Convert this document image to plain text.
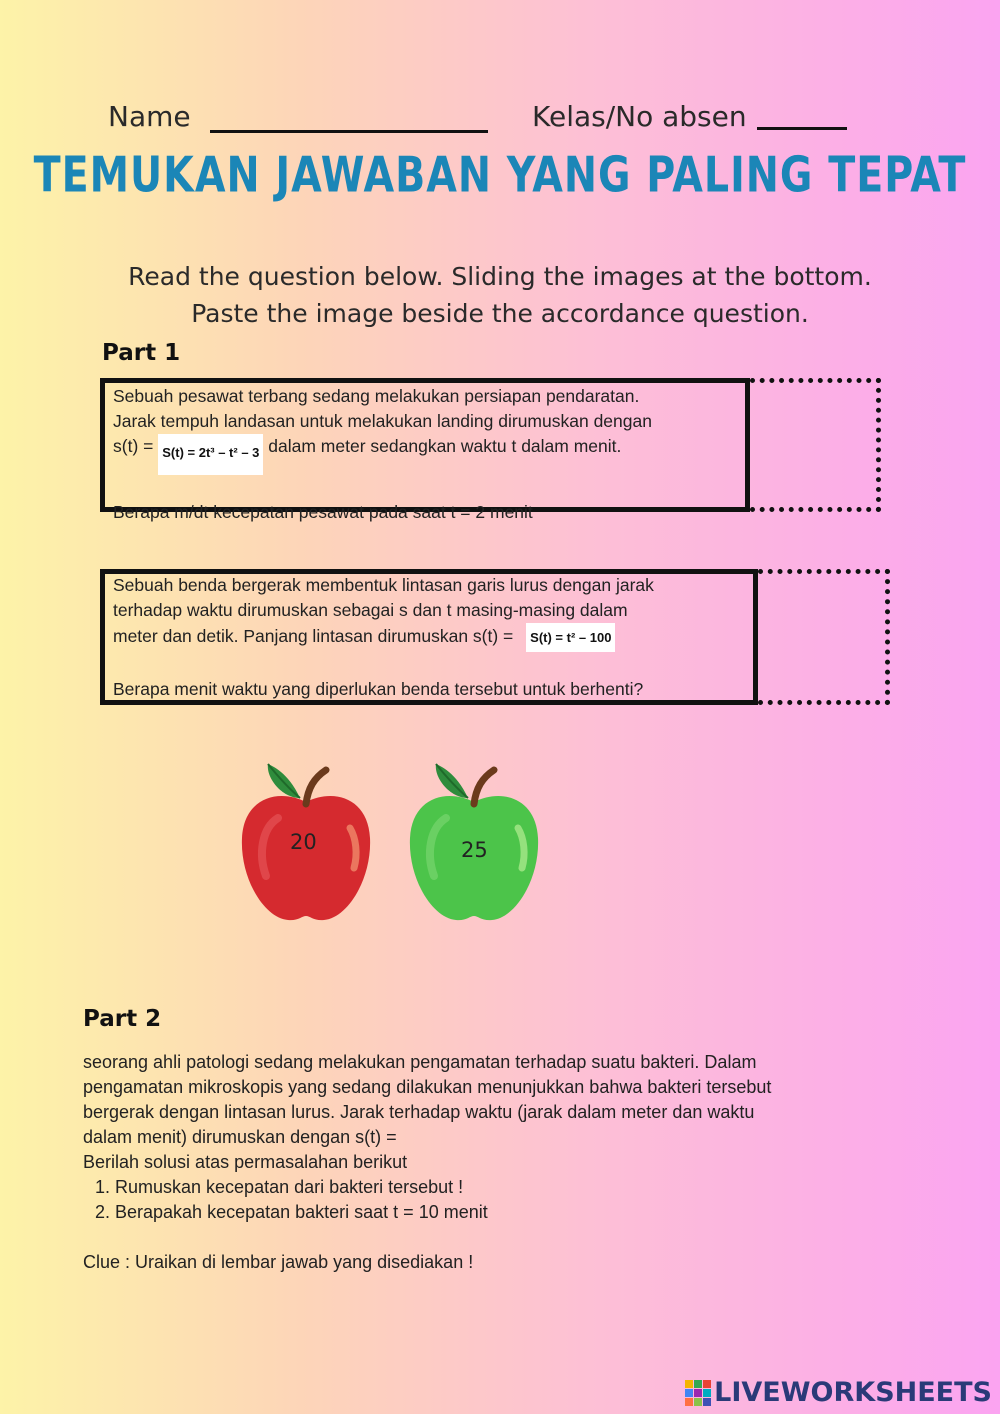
Name	Kelas/No absen
TEMUKAN JAWABAN YANG PALING TEPAT
Read the question below. Sliding the images at the bottom. Paste the image beside the accordance question.
Part 1
Sebuah pesawat terbang sedang melakukan persiapan pendaratan.
Jarak tempuh landasan untuk melakukan landing dirumuskan dengan
s(t) = S(t) = 2t³ – t² – 3 dalam meter sedangkan waktu t dalam menit.
Berapa m/dt kecepatan pesawat pada saat t = 2 menit
Sebuah benda bergerak membentuk lintasan garis lurus dengan jarak
terhadap waktu dirumuskan sebagai s dan t masing-masing dalam
meter dan detik. Panjang lintasan dirumuskan s(t) = S(t) = t² – 100
Berapa menit waktu yang diperlukan benda tersebut untuk berhenti?
20	25
Part 2
seorang ahli patologi sedang melakukan pengamatan terhadap suatu bakteri. Dalam
pengamatan mikroskopis yang sedang dilakukan menunjukkan bahwa bakteri tersebut
bergerak dengan lintasan lurus. Jarak terhadap waktu (jarak dalam meter dan waktu
dalam menit) dirumuskan dengan s(t) =
Berilah solusi atas permasalahan berikut
1. Rumuskan kecepatan dari bakteri tersebut !
2. Berapakah kecepatan bakteri saat t = 10 menit
Clue : Uraikan di lembar jawab yang disediakan !
LIVEWORKSHEETS
